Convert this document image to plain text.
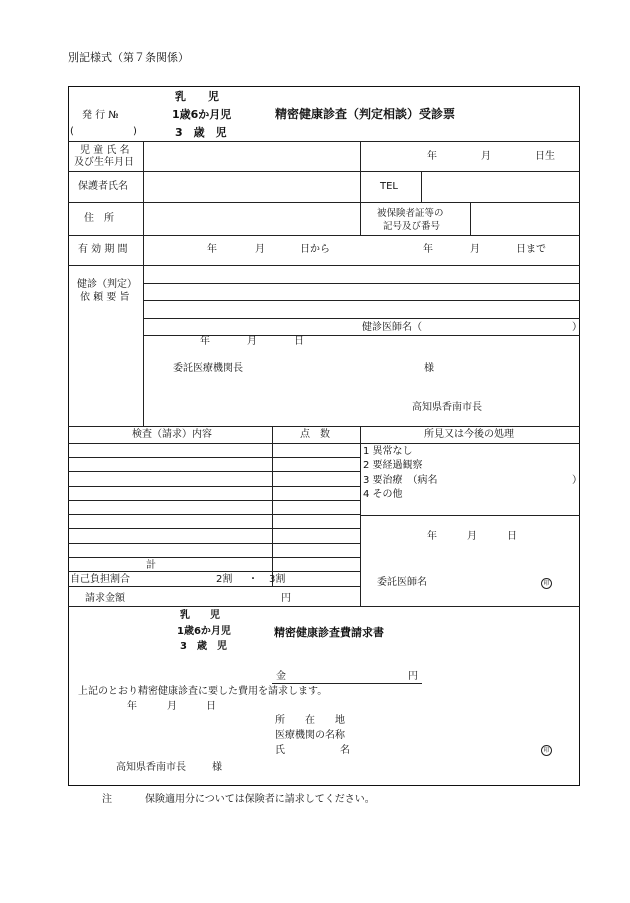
別記様式（第７条関係）
乳　　児
1歳6か月児
3　歳　児
精密健康診査（判定相談）受診票
発 行 №
(	)
児 童 氏 名
及び生年月日
年	月	日生
保護者氏名	TEL
住　所	被保険者証等の
記号及び番号
有 効 期 間	年	月	日から	年	月	日まで
健診（判定）
依 頼 要 旨
健診医師名（	）
年	月	日
委託医療機関長	様
高知県香南市長
検査（請求）内容	点　数	所見又は今後の処理
1 異常なし
2 要経過観察
3 要治療　（病名	）
4 その他
計
自己負担割合	2割 ・ 3割
請求金額	円
年	月	日
委託医師名	印
乳　　児
1歳6か月児
3　歳　児
精密健康診査費請求書
金	円
上記のとおり精密健康診査に要した費用を請求します。
年	月	日
所　　在　　地
医療機関の名称
氏	名	印
高知県香南市長	様
注	保険適用分については保険者に請求してください。
